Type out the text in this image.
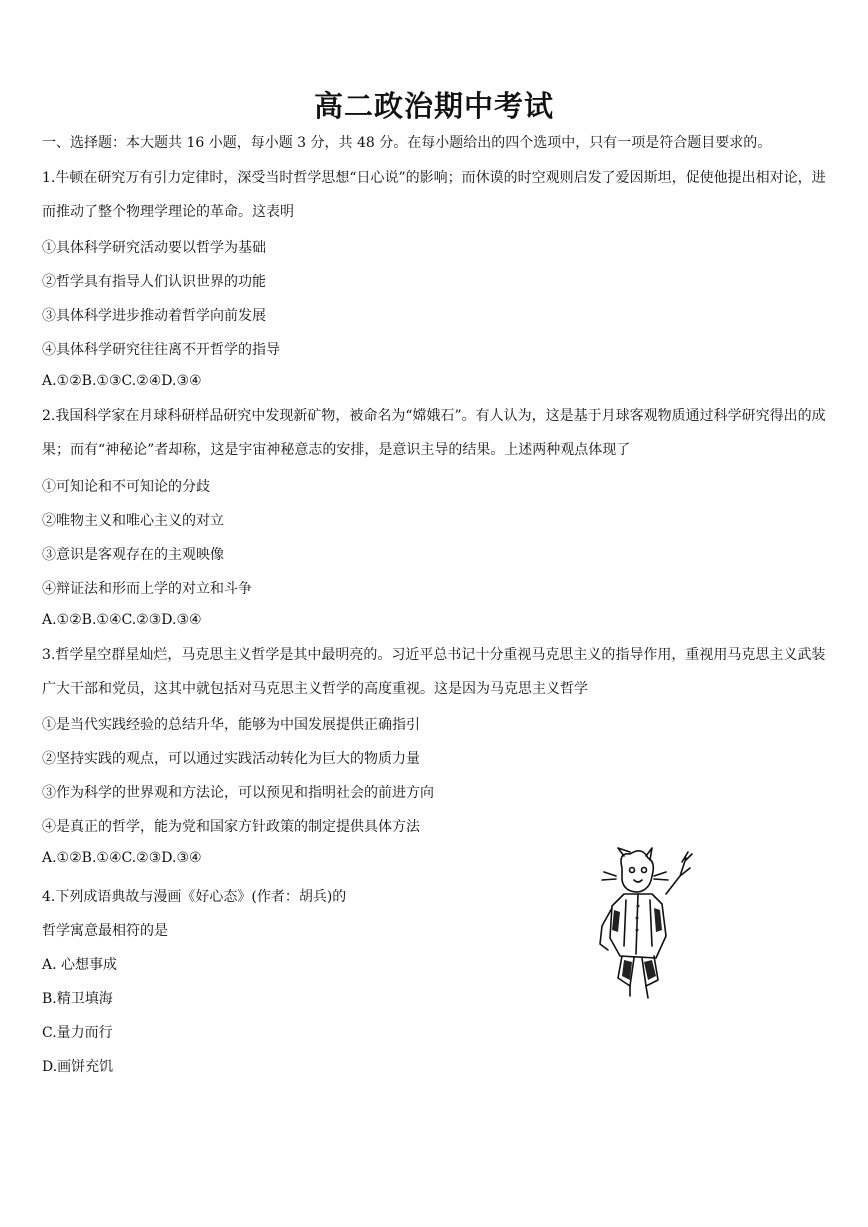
高二政治期中考试

一、选择题：本大题共 16 小题，每小题 3 分，共 48 分。在每小题给出的四个选项中，只有一项是符合题目要求的。

1.牛顿在研究万有引力定律时，深受当时哲学思想“日心说”的影响；而休谟的时空观则启发了爱因斯坦，促使他提出相对论，进而推动了整个物理学理论的革命。这表明

①具体科学研究活动要以哲学为基础

②哲学具有指导人们认识世界的功能

③具体科学进步推动着哲学向前发展

④具体科学研究往往离不开哲学的指导

A.①②B.①③C.②④D.③④

2.我国科学家在月球科研样品研究中发现新矿物，被命名为“嫦娥石”。有人认为，这是基于月球客观物质通过科学研究得出的成果；而有“神秘论”者却称，这是宇宙神秘意志的安排，是意识主导的结果。上述两种观点体现了

①可知论和不可知论的分歧

②唯物主义和唯心主义的对立

③意识是客观存在的主观映像

④辩证法和形而上学的对立和斗争

A.①②B.①④C.②③D.③④

3.哲学星空群星灿烂，马克思主义哲学是其中最明亮的。习近平总书记十分重视马克思主义的指导作用，重视用马克思主义武装广大干部和党员，这其中就包括对马克思主义哲学的高度重视。这是因为马克思主义哲学

①是当代实践经验的总结升华，能够为中国发展提供正确指引

②坚持实践的观点，可以通过实践活动转化为巨大的物质力量

③作为科学的世界观和方法论，可以预见和指明社会的前进方向

④是真正的哲学，能为党和国家方针政策的制定提供具体方法

A.①②B.①④C.②③D.③④

4.下列成语典故与漫画《好心态》(作者：胡兵)的

哲学寓意最相符的是

A. 心想事成

B.精卫填海

C.量力而行

D.画饼充饥
